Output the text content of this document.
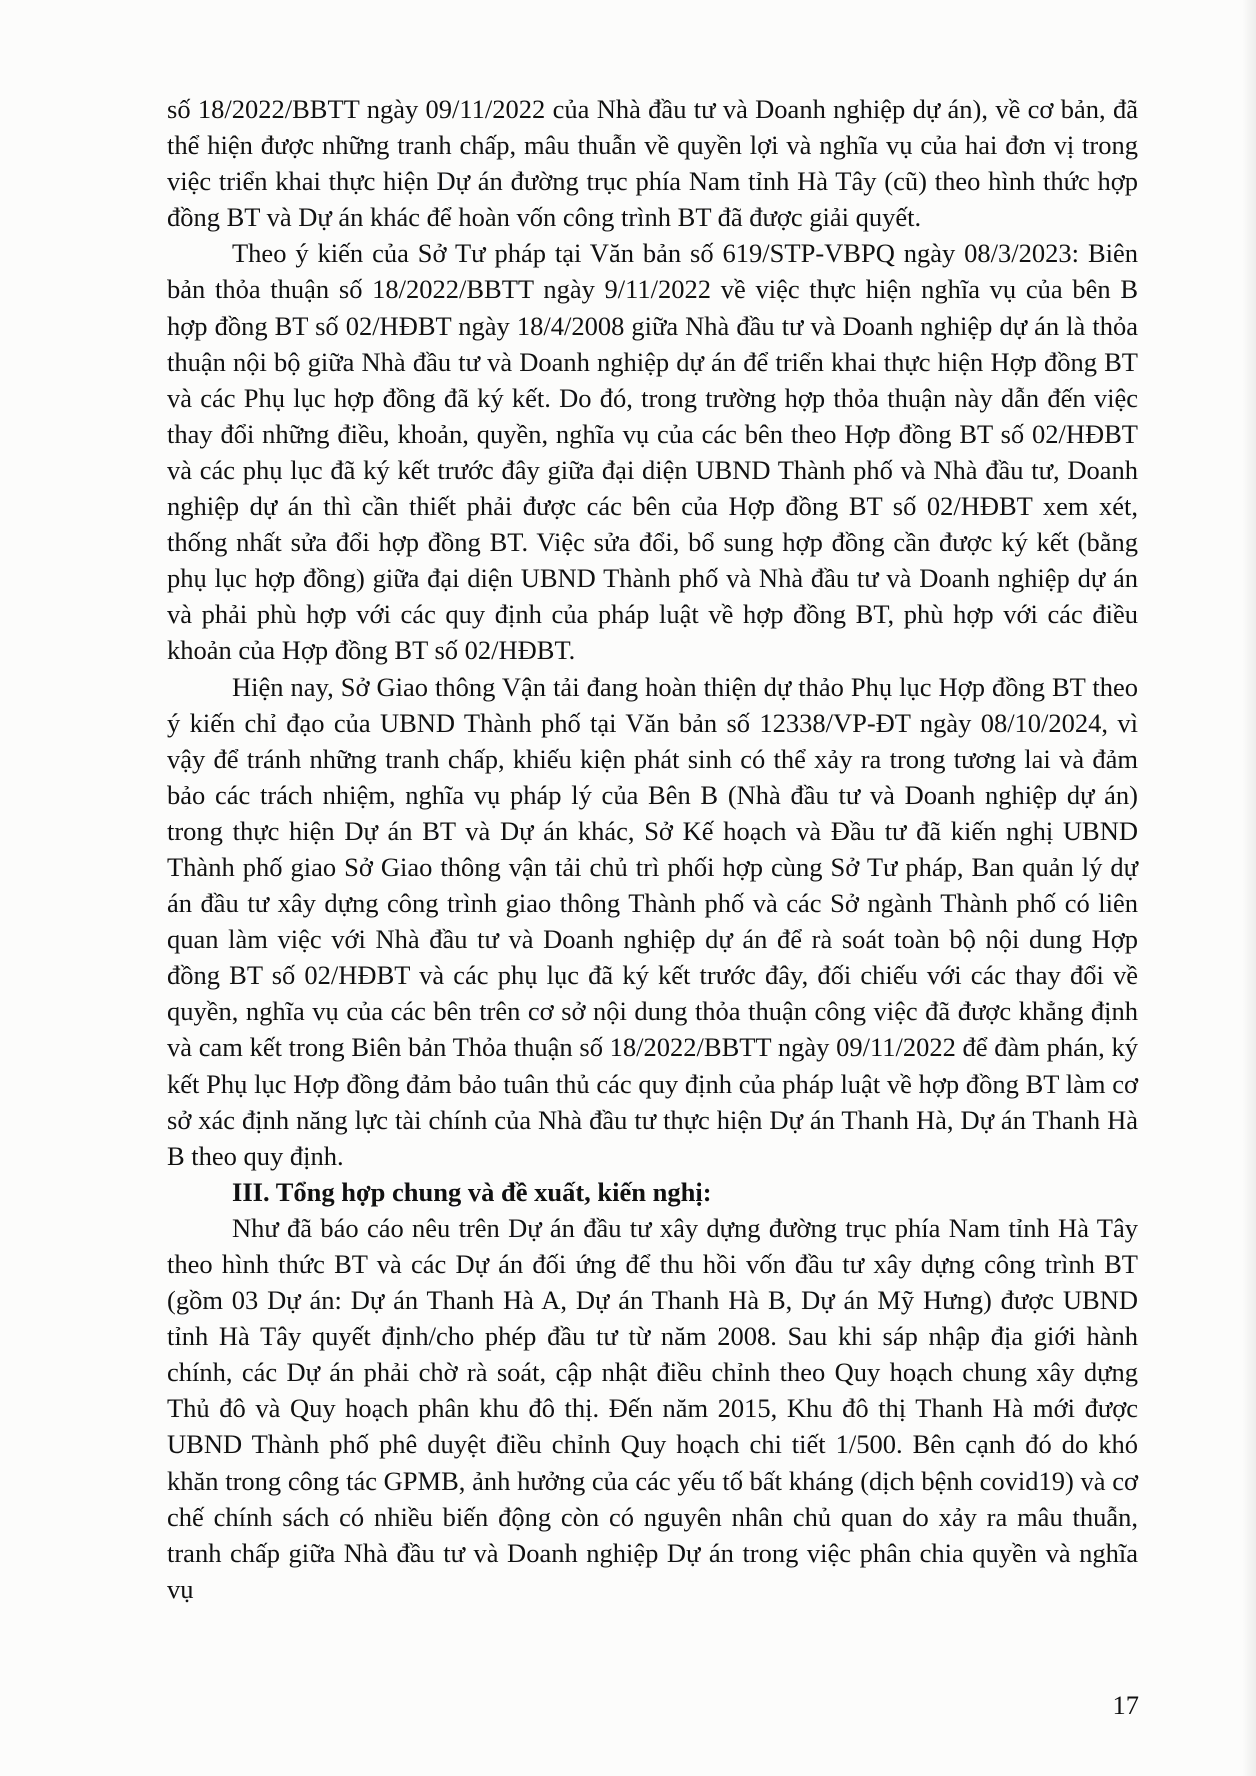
số 18/2022/BBTT ngày 09/11/2022 của Nhà đầu tư và Doanh nghiệp dự án), về cơ bản, đã thể hiện được những tranh chấp, mâu thuẫn về quyền lợi và nghĩa vụ của hai đơn vị trong việc triển khai thực hiện Dự án đường trục phía Nam tỉnh Hà Tây (cũ) theo hình thức hợp đồng BT và Dự án khác để hoàn vốn công trình BT đã được giải quyết.

Theo ý kiến của Sở Tư pháp tại Văn bản số 619/STP-VBPQ ngày 08/3/2023: Biên bản thỏa thuận số 18/2022/BBTT ngày 9/11/2022 về việc thực hiện nghĩa vụ của bên B hợp đồng BT số 02/HĐBT ngày 18/4/2008 giữa Nhà đầu tư và Doanh nghiệp dự án là thỏa thuận nội bộ giữa Nhà đầu tư và Doanh nghiệp dự án để triển khai thực hiện Hợp đồng BT và các Phụ lục hợp đồng đã ký kết. Do đó, trong trường hợp thỏa thuận này dẫn đến việc thay đổi những điều, khoản, quyền, nghĩa vụ của các bên theo Hợp đồng BT số 02/HĐBT và các phụ lục đã ký kết trước đây giữa đại diện UBND Thành phố và Nhà đầu tư, Doanh nghiệp dự án thì cần thiết phải được các bên của Hợp đồng BT số 02/HĐBT xem xét, thống nhất sửa đổi hợp đồng BT. Việc sửa đổi, bổ sung hợp đồng cần được ký kết (bằng phụ lục hợp đồng) giữa đại diện UBND Thành phố và Nhà đầu tư và Doanh nghiệp dự án và phải phù hợp với các quy định của pháp luật về hợp đồng BT, phù hợp với các điều khoản của Hợp đồng BT số 02/HĐBT.

Hiện nay, Sở Giao thông Vận tải đang hoàn thiện dự thảo Phụ lục Hợp đồng BT theo ý kiến chỉ đạo của UBND Thành phố tại Văn bản số 12338/VP-ĐT ngày 08/10/2024, vì vậy để tránh những tranh chấp, khiếu kiện phát sinh có thể xảy ra trong tương lai và đảm bảo các trách nhiệm, nghĩa vụ pháp lý của Bên B (Nhà đầu tư và Doanh nghiệp dự án) trong thực hiện Dự án BT và Dự án khác, Sở Kế hoạch và Đầu tư đã kiến nghị UBND Thành phố giao Sở Giao thông vận tải chủ trì phối hợp cùng Sở Tư pháp, Ban quản lý dự án đầu tư xây dựng công trình giao thông Thành phố và các Sở ngành Thành phố có liên quan làm việc với Nhà đầu tư và Doanh nghiệp dự án để rà soát toàn bộ nội dung Hợp đồng BT số 02/HĐBT và các phụ lục đã ký kết trước đây, đối chiếu với các thay đổi về quyền, nghĩa vụ của các bên trên cơ sở nội dung thỏa thuận công việc đã được khẳng định và cam kết trong Biên bản Thỏa thuận số 18/2022/BBTT ngày 09/11/2022 để đàm phán, ký kết Phụ lục Hợp đồng đảm bảo tuân thủ các quy định của pháp luật về hợp đồng BT làm cơ sở xác định năng lực tài chính của Nhà đầu tư thực hiện Dự án Thanh Hà, Dự án Thanh Hà B theo quy định.

III. Tổng hợp chung và đề xuất, kiến nghị:

Như đã báo cáo nêu trên Dự án đầu tư xây dựng đường trục phía Nam tỉnh Hà Tây theo hình thức BT và các Dự án đối ứng để thu hồi vốn đầu tư xây dựng công trình BT (gồm 03 Dự án: Dự án Thanh Hà A, Dự án Thanh Hà B, Dự án Mỹ Hưng) được UBND tỉnh Hà Tây quyết định/cho phép đầu tư từ năm 2008. Sau khi sáp nhập địa giới hành chính, các Dự án phải chờ rà soát, cập nhật điều chỉnh theo Quy hoạch chung xây dựng Thủ đô và Quy hoạch phân khu đô thị. Đến năm 2015, Khu đô thị Thanh Hà mới được UBND Thành phố phê duyệt điều chỉnh Quy hoạch chi tiết 1/500. Bên cạnh đó do khó khăn trong công tác GPMB, ảnh hưởng của các yếu tố bất kháng (dịch bệnh covid19) và cơ chế chính sách có nhiều biến động còn có nguyên nhân chủ quan do xảy ra mâu thuẫn, tranh chấp giữa Nhà đầu tư và Doanh nghiệp Dự án trong việc phân chia quyền và nghĩa vụ

17
